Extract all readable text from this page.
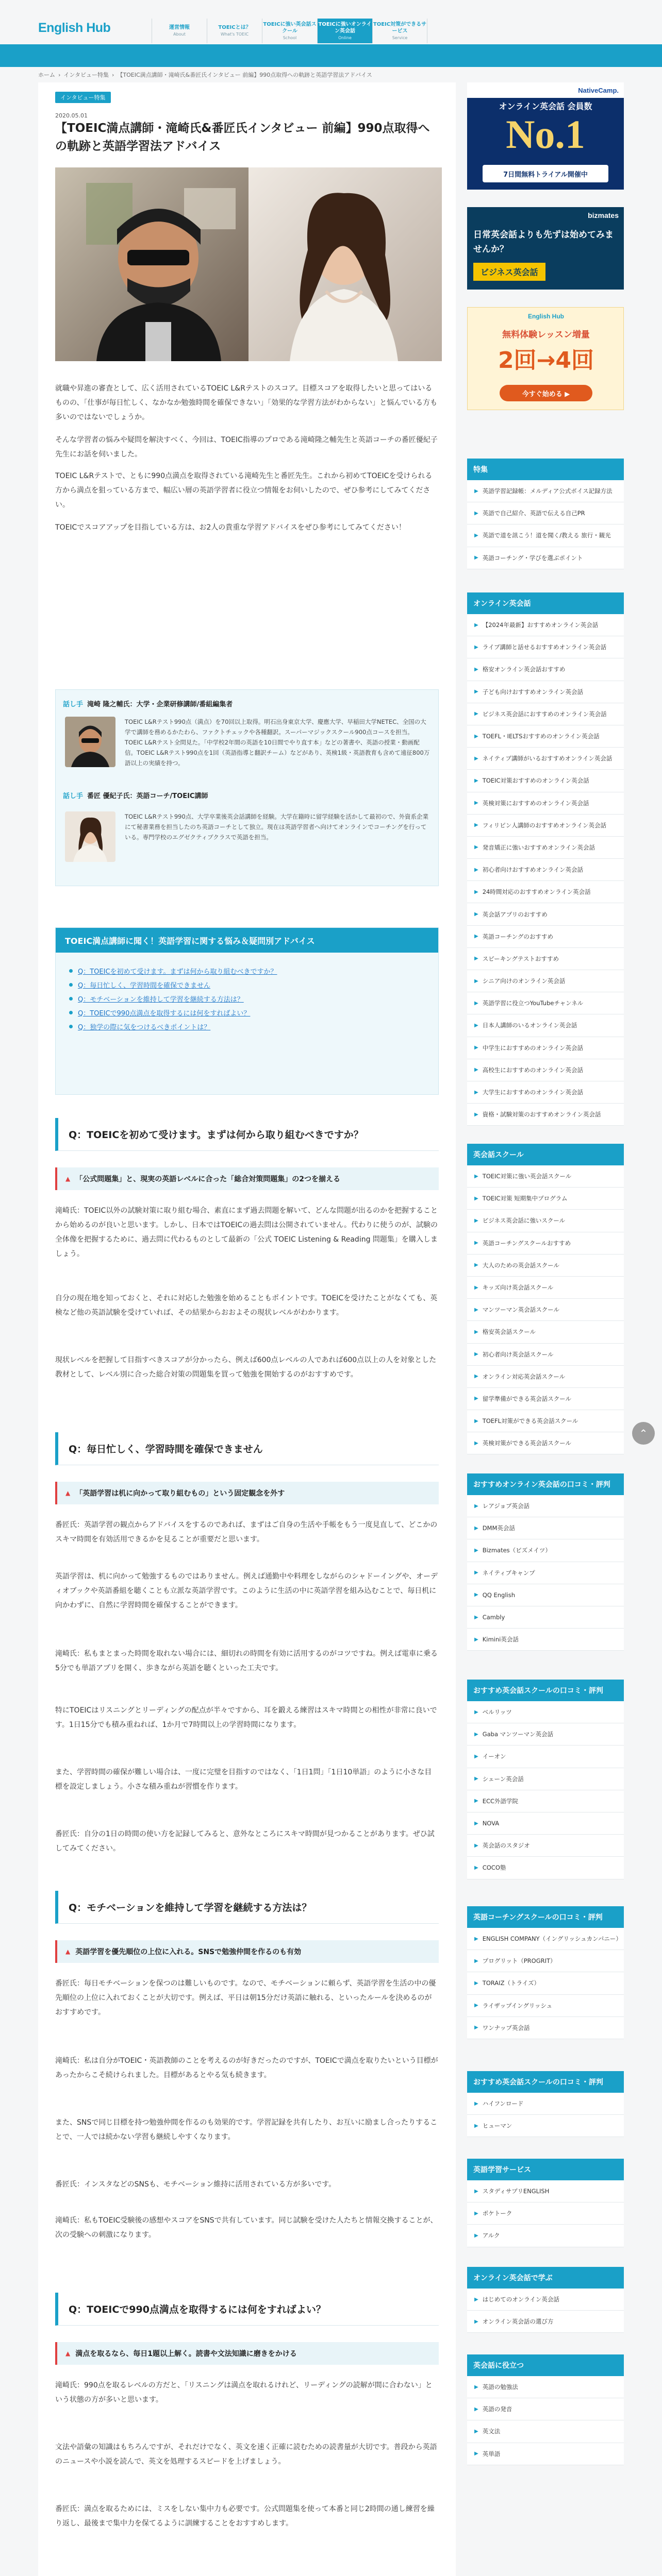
English Hub	運営情報
About
TOEICとは？
What's TOEIC
TOEICに強い英会話スクール
School
TOEICに強いオンライン英会話
Online
TOEIC対策ができるサービス
Service
ホーム › インタビュー特集 › 【TOEIC満点講師・滝崎氏&番匠氏インタビュー 前編】990点取得への軌跡と英語学習法アドバイス
インタビュー特集
2020.05.01
【TOEIC満点講師・滝崎氏&番匠氏インタビュー 前編】990点取得への軌跡と英語学習法アドバイス

就職や昇進の審査として、広く活用されているTOEIC L&Rテストのスコア。目標スコアを取得したいと思ってはいるものの、「仕事が毎日忙しく、なかなか勉強時間を確保できない」「効果的な学習方法がわからない」と悩んでいる方も多いのではないでしょうか。

そんな学習者の悩みや疑問を解決すべく、今回は、TOEIC指導のプロである滝崎隆之輔先生と英語コーチの番匠優紀子先生にお話を伺いました。

TOEIC L&Rテストで、ともに990点満点を取得されている滝崎先生と番匠先生。これから初めてTOEICを受けられる方から満点を狙っている方まで、幅広い層の英語学習者に役立つ情報をお伺いしたので、ぜひ参考にしてみてください。

TOEICでスコアアップを目指している方は、お2人の貴重な学習アドバイスをぜひ参考にしてみてください！

話し手 滝崎 隆之輔氏：大学・企業研修講師/番組編集者

TOEIC L&Rテスト990点（満点）を70回以上取得。明石出身東京大学、慶應大学、早稲田大学NETEC、全国の大学で講師を務めるかたわら、ファクトチェックや各種翻訳。スーパーマジックスクール900点コースを担当。TOEIC L&Rテスト全問見た。「中学校2年間の英語を10日間でやり直す本」などの著書や、英語の授業・動画配信。TOEIC L&Rテスト990点を1回（英語指導と翻訳チーム）などがあり、英検1級・英語教育も含めて遠征800万語以上の実績を持つ。

話し手 番匠 優紀子氏：英語コーチ/TOEIC講師

TOEIC L&Rテスト990点、大学卒業後英会話講師を経験。大学在籍時に留学経験を活かして最初ので、外資系企業にて秘書業務を担当したのち英語コーチとして独立。現在は英語学習者へ向けてオンラインでコーチングを行っている。専門学校のエグゼクティブクラスで英語を担当。

TOEIC満点講師に聞く！英語学習に関する悩み＆疑問別アドバイス
Q：TOEICを初めて受けます。まずは何から取り組むべきですか？
Q：毎日忙しく、学習時間を確保できません
Q：モチベーションを維持して学習を継続する方法は？
Q：TOEICで990点満点を取得するには何をすればよい？
Q：独学の際に気をつけるべきポイントは？
Q：TOEICを初めて受けます。まずは何から取り組むべきですか？
▲ 「公式問題集」と、現実の英語レベルに合った「総合対策問題集」の2つを揃える

滝崎氏：TOEIC以外の試験対策に取り組む場合、素直にまず過去問題を解いて、どんな問題が出るのかを把握することから始めるのが良いと思います。しかし、日本ではTOEICの過去問は公開されていません。代わりに使うのが、試験の全体像を把握するために、過去問に代わるものとして最新の「公式 TOEIC Listening & Reading 問題集」を購入しましょう。

自分の現在地を知っておくと、それに対応した勉強を始めることもポイントです。TOEICを受けたことがなくても、英検など他の英語試験を受けていれば、その結果からおおよその現状レベルがわかります。

現状レベルを把握して目指すべきスコアが分かったら、例えば600点レベルの人であれば600点以上の人を対象とした教材として、レベル別に合った総合対策の問題集を買って勉強を開始するのがおすすめです。

Q：毎日忙しく、学習時間を確保できません
▲ 「英語学習は机に向かって取り組むもの」という固定観念を外す

番匠氏：英語学習の観点からアドバイスをするのであれば、まずはご自身の生活や手帳をもう一度見直して、どこかのスキマ時間を有効活用できるかを見ることが重要だと思います。

英語学習は、机に向かって勉強するものではありません。例えば通勤中や料理をしながらのシャドーイングや、オーディオブックや英語番組を聴くことも立派な英語学習です。このように生活の中に英語学習を組み込むことで、毎日机に向かわずに、自然に学習時間を確保することができます。

滝崎氏：私もまとまった時間を取れない場合には、細切れの時間を有効に活用するのがコツですね。例えば電車に乗る5分でも単語アプリを開く、歩きながら英語を聴くといった工夫です。

特にTOEICはリスニングとリーディングの配点が半々ですから、耳を鍛える練習はスキマ時間との相性が非常に良いです。1日15分でも積み重ねれば、1か月で7時間以上の学習時間になります。

また、学習時間の確保が難しい場合は、一度に完璧を目指すのではなく、「1日1問」「1日10単語」のように小さな目標を設定しましょう。小さな積み重ねが習慣を作ります。

番匠氏：自分の1日の時間の使い方を記録してみると、意外なところにスキマ時間が見つかることがあります。ぜひ試してみてください。

Q：モチベーションを維持して学習を継続する方法は？
▲ 英語学習を優先順位の上位に入れる。SNSで勉強仲間を作るのも有効

番匠氏：毎日モチベーションを保つのは難しいものです。なので、モチベーションに頼らず、英語学習を生活の中の優先順位の上位に入れておくことが大切です。例えば、平日は朝15分だけ英語に触れる、といったルールを決めるのがおすすめです。

滝崎氏：私は自分がTOEIC・英語教師のことを考えるのが好きだったのですが、TOEICで満点を取りたいという目標があったからこそ続けられました。目標があるとやる気も続きます。

また、SNSで同じ目標を持つ勉強仲間を作るのも効果的です。学習記録を共有したり、お互いに励まし合ったりすることで、一人では続かない学習も継続しやすくなります。

番匠氏：インスタなどのSNSも、モチベーション維持に活用されている方が多いです。

滝崎氏：私もTOEIC受験後の感想やスコアをSNSで共有しています。同じ試験を受けた人たちと情報交換することが、次の受験への刺激になります。

Q：TOEICで990点満点を取得するには何をすればよい？
▲ 満点を取るなら、毎日1題以上解く。読書や文法知識に磨きをかける

滝崎氏：990点を取るレベルの方だと、「リスニングは満点を取れるけれど、リーディングの読解が間に合わない」という状態の方が多いと思います。

文法や語彙の知識はもちろんですが、それだけでなく、英文を速く正確に読むための読書量が大切です。普段から英語のニュースや小説を読んで、英文を処理するスピードを上げましょう。

番匠氏：満点を取るためには、ミスをしない集中力も必要です。公式問題集を使って本番と同じ2時間の通し練習を繰り返し、最後まで集中力を保てるように訓練することをおすすめします。

NativeCamp.
オンライン英会話 会員数
No.1
7日間無料トライアル開催中
bizmates
日常英会話よりも先ずは始めてみませんか？
ビジネス英会話
English Hub
無料体験レッスン増量
2回→4回
今すぐ始める ▶
特集
▶ 英語学習記録帳：メルディア公式ボイス記録方法
▶ 英語で自己紹介、英語で伝える自己PR
▶ 英語で道を訊こう！道を聞く/教える 旅行・観光
▶ 英語コーチング・学びを選ぶポイント
オンライン英会話
▶ 【2024年最新】おすすめオンライン英会話
▶ ライブ講師と話せるおすすめオンライン英会話
▶ 格安オンライン英会話おすすめ
▶ 子ども向けおすすめオンライン英会話
▶ ビジネス英会話におすすめのオンライン英会話
▶ TOEFL・IELTSおすすめのオンライン英会話
▶ ネイティブ講師がいるおすすめオンライン英会話
▶ TOEIC対策おすすめのオンライン英会話
▶ 英検対策におすすめのオンライン英会話
▶ フィリピン人講師のおすすめオンライン英会話
▶ 発音矯正に強いおすすめオンライン英会話
▶ 初心者向けおすすめオンライン英会話
▶ 24時間対応のおすすめオンライン英会話
▶ 英会話アプリのおすすめ
▶ 英語コーチングのおすすめ
▶ スピーキングテストおすすめ
▶ シニア向けのオンライン英会話
▶ 英語学習に役立つYouTubeチャンネル
▶ 日本人講師のいるオンライン英会話
▶ 中学生におすすめのオンライン英会話
▶ 高校生におすすめのオンライン英会話
▶ 大学生におすすめのオンライン英会話
▶ 資格・試験対策のおすすめオンライン英会話
英会話スクール
▶ TOEIC対策に強い英会話スクール
▶ TOEIC対策 短期集中プログラム
▶ ビジネス英会話に強いスクール
▶ 英語コーチングスクールおすすめ
▶ 大人のための英会話スクール
▶ キッズ向け英会話スクール
▶ マンツーマン英会話スクール
▶ 格安英会話スクール
▶ 初心者向け英会話スクール
▶ オンライン対応英会話スクール
▶ 留学準備ができる英会話スクール
▶ TOEFL対策ができる英会話スクール
▶ 英検対策ができる英会話スクール
おすすめオンライン英会話の口コミ・評判
▶ レアジョブ英会話
▶ DMM英会話
▶ Bizmates（ビズメイツ）
▶ ネイティブキャンプ
▶ QQ English
▶ Cambly
▶ Kimini英会話
おすすめ英会話スクールの口コミ・評判
▶ ベルリッツ
▶ Gaba マンツーマン英会話
▶ イーオン
▶ シェーン英会話
▶ ECC外語学院
▶ NOVA
▶ 英会話のスタジオ
▶ COCO塾
英語コーチングスクールの口コミ・評判
▶ ENGLISH COMPANY（イングリッシュカンパニー）
▶ プログリット（PROGRIT）
▶ TORAIZ（トライズ）
▶ ライザップイングリッシュ
▶ ワンナップ英会話
おすすめ英会話スクールの口コミ・評判
▶ ハイフンロード
▶ ヒューマン
英語学習サービス
▶ スタディサプリENGLISH
▶ ポケトーク
▶ アルク
オンライン英会話で学ぶ
▶ はじめてのオンライン英会話
▶ オンライン英会話の選び方
英会話に役立つ
▶ 英語の勉強法
▶ 英語の発音
▶ 英文法
▶ 英単語
⌃
